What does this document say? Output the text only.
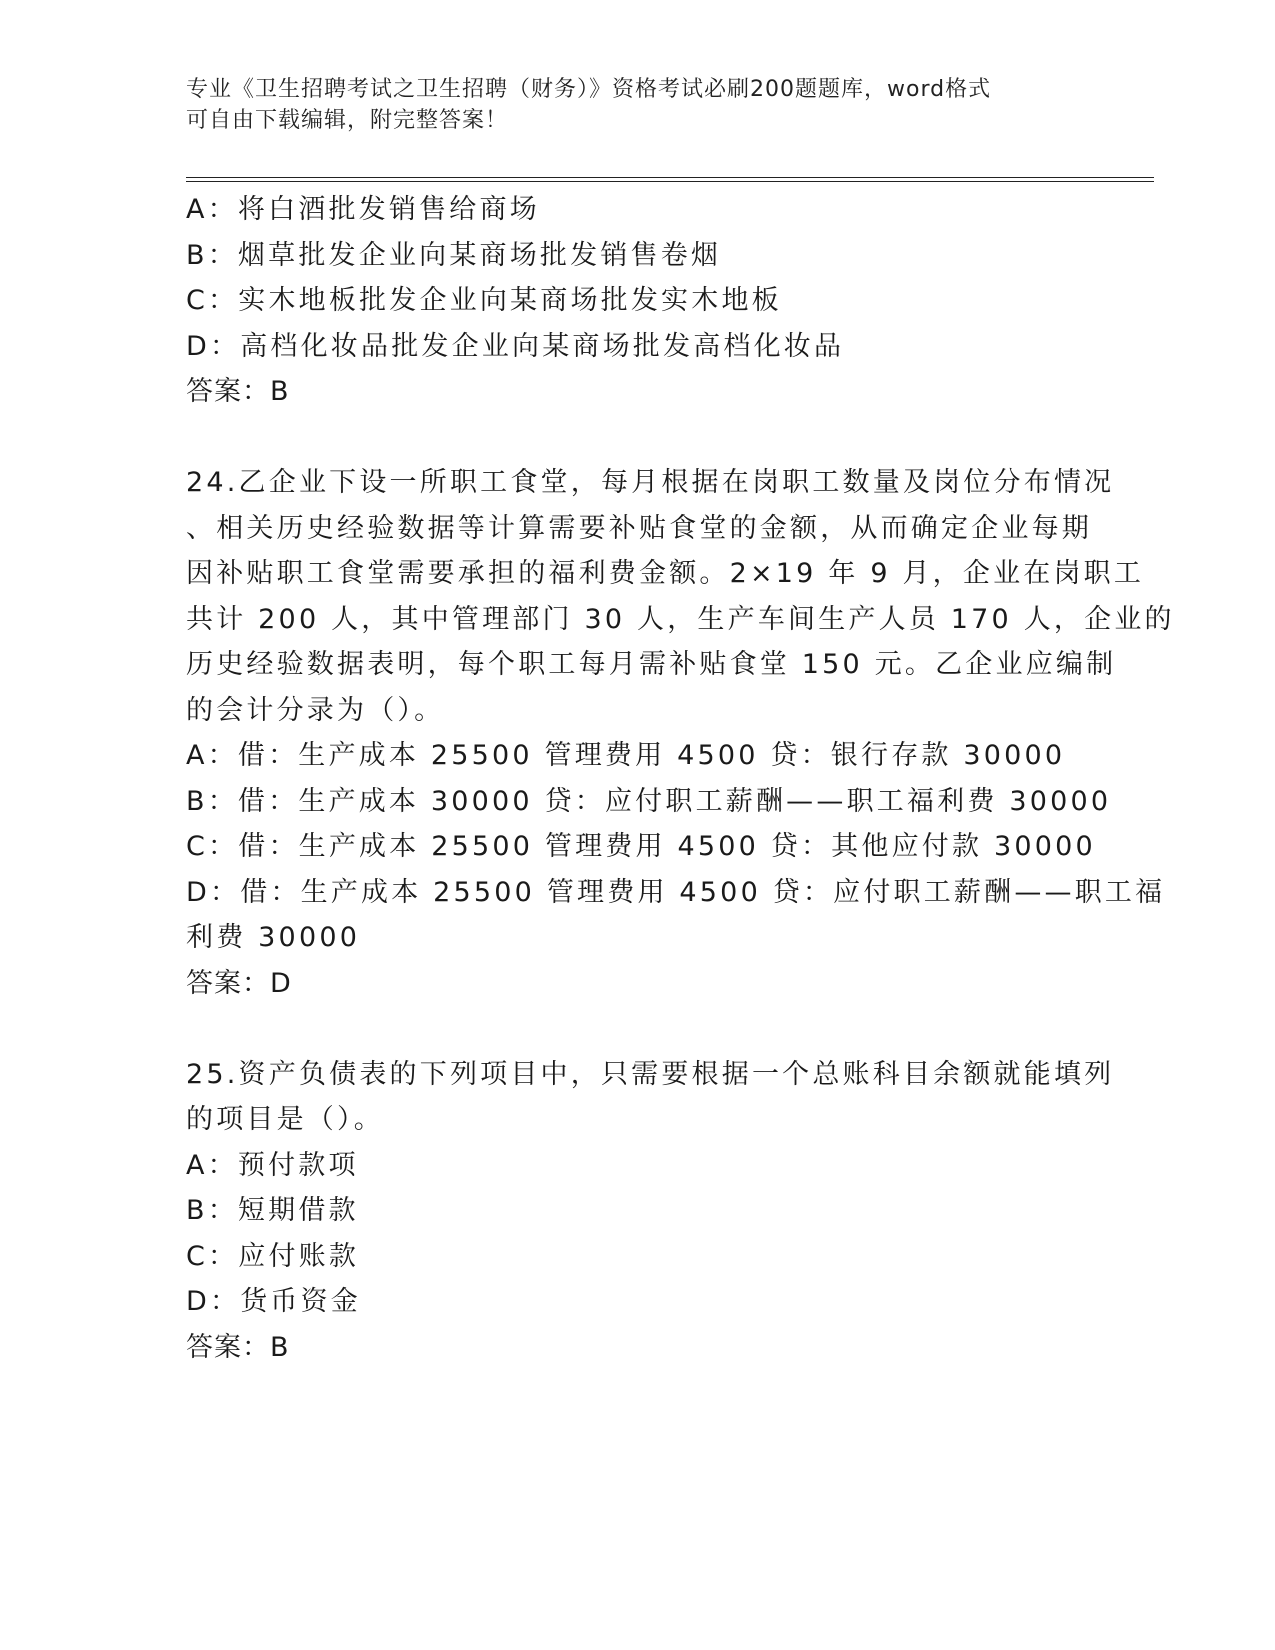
专业《卫生招聘考试之卫生招聘（财务）》资格考试必刷200题题库，word格式
可自由下载编辑，附完整答案！
A：将白酒批发销售给商场
B：烟草批发企业向某商场批发销售卷烟
C：实木地板批发企业向某商场批发实木地板
D：高档化妆品批发企业向某商场批发高档化妆品
答案：B
24.乙企业下设一所职工食堂，每月根据在岗职工数量及岗位分布情况
、相关历史经验数据等计算需要补贴食堂的金额，从而确定企业每期
因补贴职工食堂需要承担的福利费金额。2×19 年 9 月，企业在岗职工
共计 200 人，其中管理部门 30 人，生产车间生产人员 170 人，企业的
历史经验数据表明，每个职工每月需补贴食堂 150 元。乙企业应编制
的会计分录为（）。
A：借：生产成本 25500 管理费用 4500 贷：银行存款 30000
B：借：生产成本 30000 贷：应付职工薪酬——职工福利费 30000
C：借：生产成本 25500 管理费用 4500 贷：其他应付款 30000
D：借：生产成本 25500 管理费用 4500 贷：应付职工薪酬——职工福
利费 30000
答案：D
25.资产负债表的下列项目中，只需要根据一个总账科目余额就能填列
的项目是（）。
A：预付款项
B：短期借款
C：应付账款
D：货币资金
答案：B
